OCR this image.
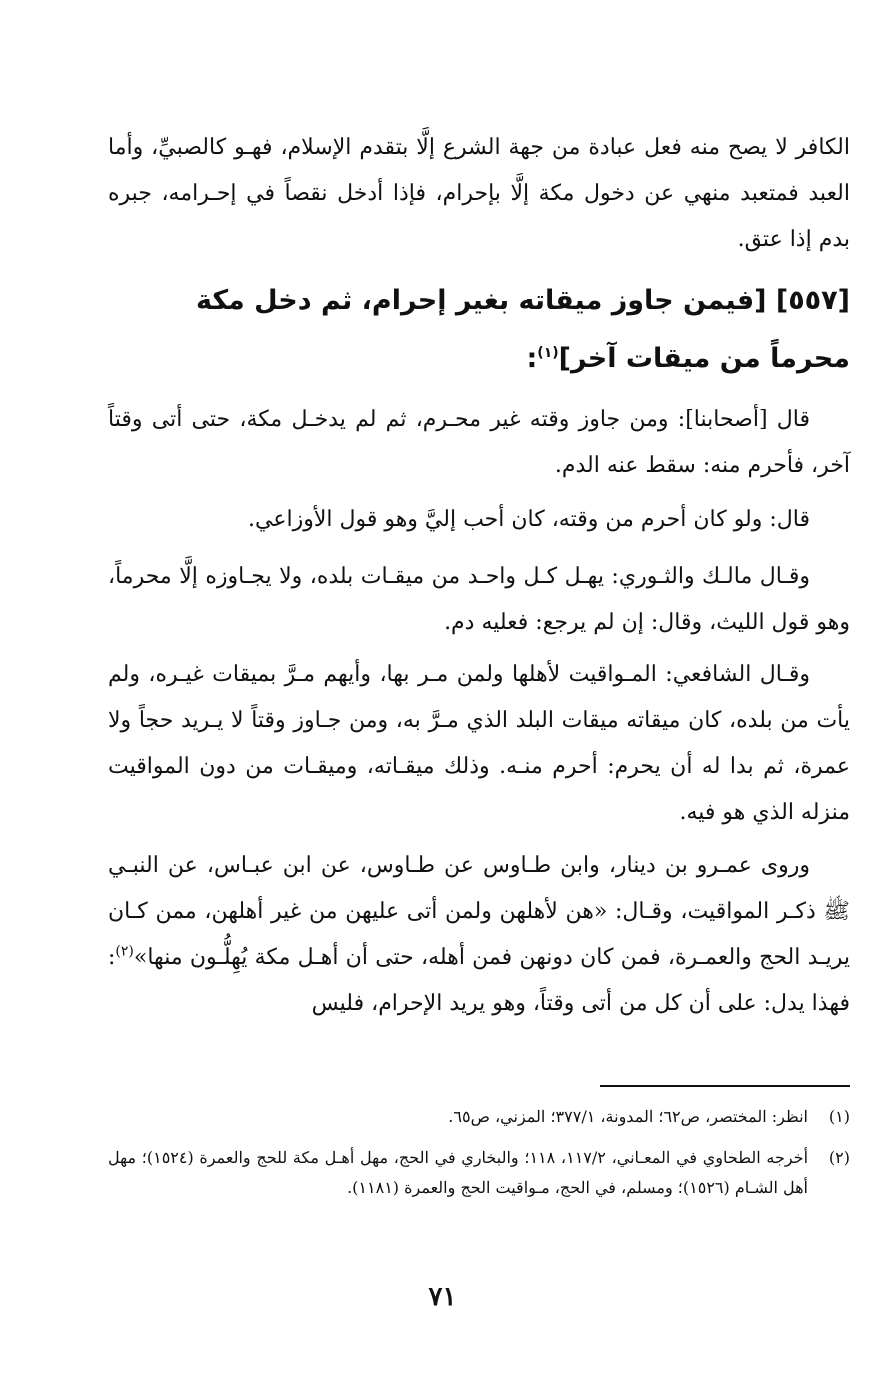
الكافر لا يصح منه فعل عبادة من جهة الشرع إلَّا بتقدم الإسلام، فهـو كالصبيِّ، وأما العبد فمتعبد منهي عن دخول مكة إلَّا بإحرام، فإذا أدخل نقصاً في إحـرامه، جبره بدم إذا عتق.

[٥٥٧] [فيمن جاوز ميقاته بغير إحرام، ثم دخل مكة محرماً من ميقات آخر]$^{(١)}$:

قال [أصحابنا]: ومن جاوز وقته غير محـرم، ثم لم يدخـل مكة، حتى أتى وقتاً آخر، فأحرم منه: سقط عنه الدم.

قال: ولو كان أحرم من وقته، كان أحب إليَّ وهو قول الأوزاعي.

وقـال مالـك والثـوري: يهـل كـل واحـد من ميقـات بلده، ولا يجـاوزه إلَّا محرماً، وهو قول الليث، وقال: إن لم يرجع: فعليه دم.

وقـال الشافعي: المـواقيت لأهلها ولمن مـر بها، وأيهم مـرَّ بميقات غيـره، ولم يأت من بلده، كان ميقاته ميقات البلد الذي مـرَّ به، ومن جـاوز وقتاً لا يـريد حجاً ولا عمرة، ثم بدا له أن يحرم: أحرم منـه. وذلك ميقـاته، وميقـات من دون المواقيت منزله الذي هو فيه.

وروى عمـرو بن دينار، وابن طـاوس عن طـاوس، عن ابن عبـاس، عن النبـي ﷺ ذكـر المواقيت، وقـال: «هن لأهلهن ولمن أتى عليهن من غير أهلهن، ممن كـان يريـد الحج والعمـرة، فمن كان دونهن فمن أهله، حتى أن أهـل مكة يُهِلُّـون منها»$^{(٢)}$: فهذا يدل: على أن كل من أتى وقتاً، وهو يريد الإحرام، فليس

(١)
انظر: المختصر، ص٦٢؛ المدونة، ٣٧٧/١؛ المزني، ص٦٥.
(٢)
أخرجه الطحاوي في المعـاني، ١١٧/٢، ١١٨؛ والبخاري في الحج، مهل أهـل مكة للحج والعمرة (١٥٢٤)؛ مهل أهل الشـام (١٥٢٦)؛ ومسلم، في الحج، مـواقيت الحج والعمرة (١١٨١).
٧١
